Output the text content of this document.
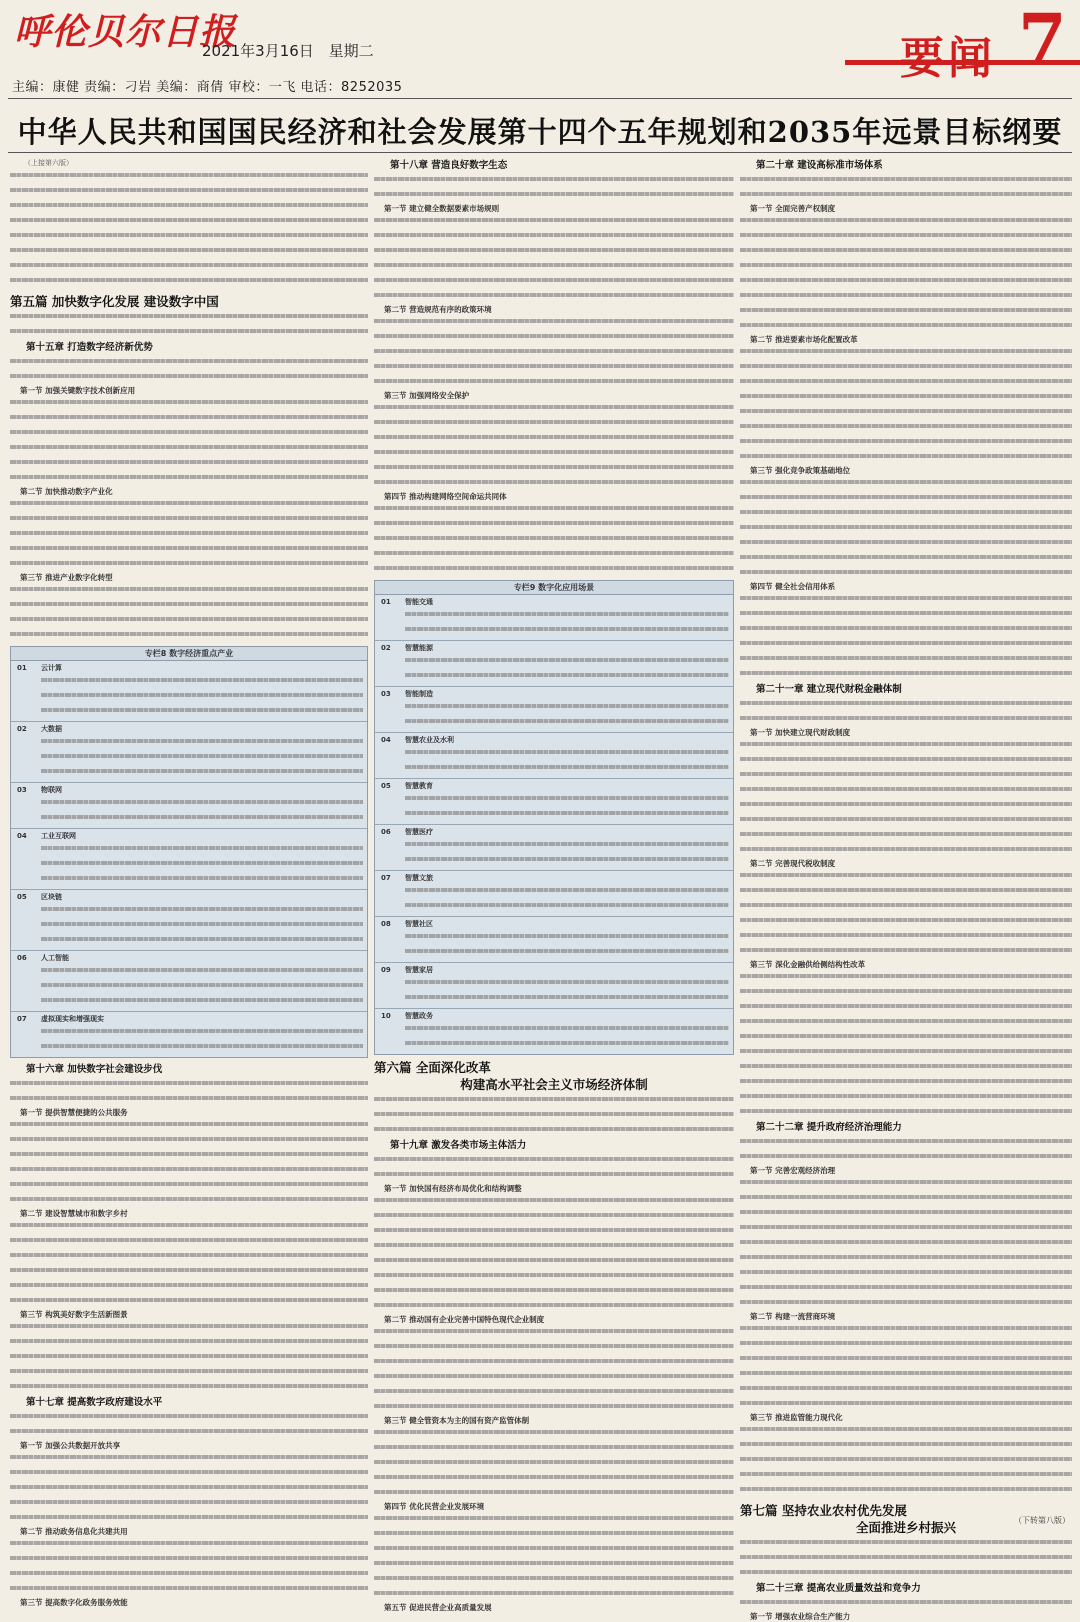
呼伦贝尔日报
2021年3月16日 星期二	要闻 7
主编：康健 责编：刁岩 美编：商倩 审校：一飞 电话：8252035
中华人民共和国国民经济和社会发展第十四个五年规划和2035年远景目标纲要

（上接第六版）

第五篇 加快数字化发展 建设数字中国
第十五章 打造数字经济新优势
第一节 加强关键数字技术创新应用
第二节 加快推动数字产业化
第三节 推进产业数字化转型
专栏8 数字经济重点产业
01 云计算
02 大数据
03 物联网
04 工业互联网
05 区块链
06 人工智能
07 虚拟现实和增强现实
第十六章 加快数字社会建设步伐
第一节 提供智慧便捷的公共服务
第二节 建设智慧城市和数字乡村
第三节 构筑美好数字生活新图景
第十七章 提高数字政府建设水平
第一节 加强公共数据开放共享
第二节 推动政务信息化共建共用
第三节 提高数字化政务服务效能
第十八章 营造良好数字生态
第一节 建立健全数据要素市场规则
第二节 营造规范有序的政策环境
第三节 加强网络安全保护
第四节 推动构建网络空间命运共同体
专栏9 数字化应用场景
01 智能交通
02 智慧能源
03 智能制造
04 智慧农业及水利
05 智慧教育
06 智慧医疗
07 智慧文旅
08 智慧社区
09 智慧家居
10 智慧政务
第六篇 全面深化改革
构建高水平社会主义市场经济体制
第十九章 激发各类市场主体活力
第一节 加快国有经济布局优化和结构调整
第二节 推动国有企业完善中国特色现代企业制度
第三节 健全管资本为主的国有资产监管体制
第四节 优化民营企业发展环境
第五节 促进民营企业高质量发展
第二十章 建设高标准市场体系
第一节 全面完善产权制度
第二节 推进要素市场化配置改革
第三节 强化竞争政策基础地位
第四节 健全社会信用体系
第二十一章 建立现代财税金融体制
第一节 加快建立现代财政制度
第二节 完善现代税收制度
第三节 深化金融供给侧结构性改革
第二十二章 提升政府经济治理能力
第一节 完善宏观经济治理
第二节 构建一流营商环境
第三节 推进监管能力现代化
第七篇 坚持农业农村优先发展
全面推进乡村振兴
第二十三章 提高农业质量效益和竞争力
第一节 增强农业综合生产能力
（下转第八版）
